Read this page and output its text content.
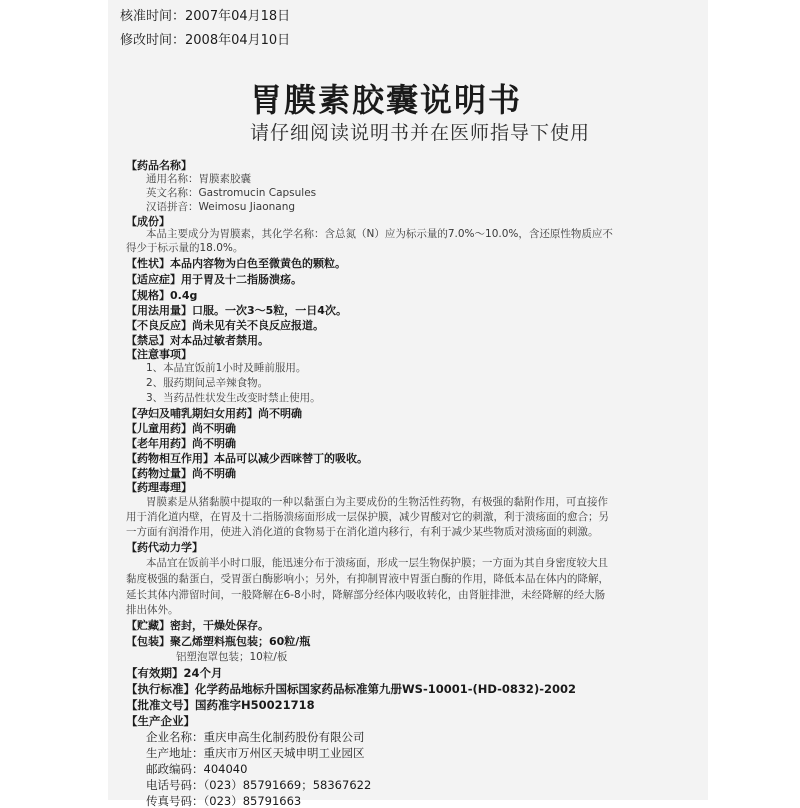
核准时间：2007年04月18日
修改时间：2008年04月10日
胃膜素胶囊说明书
请仔细阅读说明书并在医师指导下使用
【药品名称】
通用名称：胃膜素胶囊
英文名称：Gastromucin Capsules
汉语拼音：Weimosu Jiaonang
【成份】
本品主要成分为胃膜素，其化学名称：含总氮（N）应为标示量的7.0%～10.0%，含还原性物质应不
得少于标示量的18.0%。
【性状】本品内容物为白色至微黄色的颗粒。
【适应症】用于胃及十二指肠溃疡。
【规格】0.4g
【用法用量】口服。一次3～5粒，一日4次。
【不良反应】尚未见有关不良反应报道。
【禁忌】对本品过敏者禁用。
【注意事项】
1、本品宜饭前1小时及睡前服用。
2、服药期间忌辛辣食物。
3、当药品性状发生改变时禁止使用。
【孕妇及哺乳期妇女用药】尚不明确
【儿童用药】尚不明确
【老年用药】尚不明确
【药物相互作用】本品可以减少西咪替丁的吸收。
【药物过量】尚不明确
【药理毒理】
胃膜素是从猪黏膜中提取的一种以黏蛋白为主要成份的生物活性药物，有极强的黏附作用，可直接作
用于消化道内壁，在胃及十二指肠溃疡面形成一层保护膜，减少胃酸对它的刺激，利于溃疡面的愈合；另
一方面有润滑作用，使进入消化道的食物易于在消化道内移行，有利于减少某些物质对溃疡面的刺激。
【药代动力学】
本品宜在饭前半小时口服，能迅速分布于溃疡面，形成一层生物保护膜；一方面为其自身密度较大且
黏度极强的黏蛋白，受胃蛋白酶影响小；另外，有抑制胃液中胃蛋白酶的作用，降低本品在体内的降解，
延长其体内滞留时间，一般降解在6-8小时，降解部分经体内吸收转化，由肾脏排泄，未经降解的经大肠
排出体外。
【贮藏】密封，干燥处保存。
【包装】聚乙烯塑料瓶包装；60粒/瓶
铝塑泡罩包装；10粒/板
【有效期】24个月
【执行标准】化学药品地标升国标国家药品标准第九册WS-10001-(HD-0832)-2002
【批准文号】国药准字H50021718
【生产企业】
企业名称：重庆申高生化制药股份有限公司
生产地址：重庆市万州区天城申明工业园区
邮政编码：404040
电话号码：（023）85791669；58367622
传真号码：（023）85791663
